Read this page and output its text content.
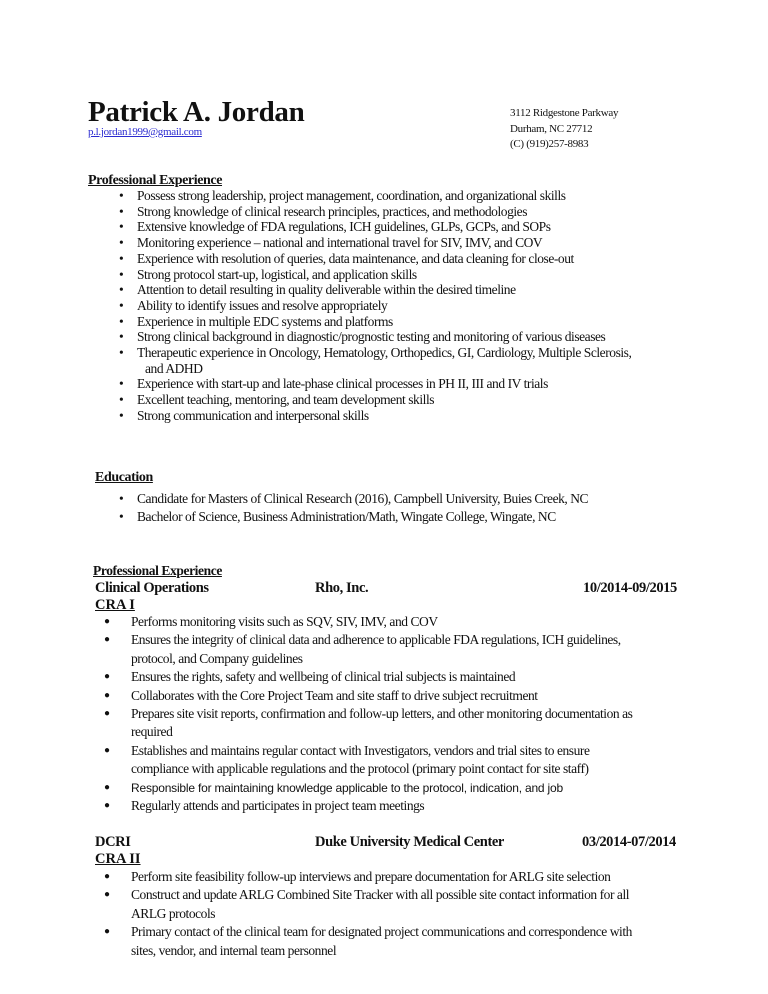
Patrick A. Jordan
p.l.jordan1999@gmail.com
3112 Ridgestone Parkway
Durham, NC 27712
(C) (919)257-8983
Professional Experience
• Possess strong leadership, project management, coordination, and organizational skills
• Strong knowledge of clinical research principles, practices, and methodologies
• Extensive knowledge of FDA regulations, ICH guidelines, GLPs, GCPs, and SOPs
• Monitoring experience – national and international travel for SIV, IMV, and COV
• Experience with resolution of queries, data maintenance, and data cleaning for close-out
• Strong protocol start-up, logistical, and application skills
• Attention to detail resulting in quality deliverable within the desired timeline
• Ability to identify issues and resolve appropriately
• Experience in multiple EDC systems and platforms
• Strong clinical background in diagnostic/prognostic testing and monitoring of various diseases
• Therapeutic experience in Oncology, Hematology, Orthopedics, GI, Cardiology, Multiple Sclerosis,
and ADHD
• Experience with start-up and late-phase clinical processes in PH II, III and IV trials
• Excellent teaching, mentoring, and team development skills
• Strong communication and interpersonal skills
Education
• Candidate for Masters of Clinical Research (2016), Campbell University, Buies Creek, NC
• Bachelor of Science, Business Administration/Math, Wingate College, Wingate, NC
Professional Experience
Clinical Operations	Rho, Inc.	10/2014-09/2015
CRA I
● Performs monitoring visits such as SQV, SIV, IMV, and COV
● Ensures the integrity of clinical data and adherence to applicable FDA regulations, ICH guidelines,
protocol, and Company guidelines
● Ensures the rights, safety and wellbeing of clinical trial subjects is maintained
● Collaborates with the Core Project Team and site staff to drive subject recruitment
● Prepares site visit reports, confirmation and follow-up letters, and other monitoring documentation as
required
● Establishes and maintains regular contact with Investigators, vendors and trial sites to ensure
compliance with applicable regulations and the protocol (primary point contact for site staff)
● Responsible for maintaining knowledge applicable to the protocol, indication, and job
● Regularly attends and participates in project team meetings
DCRI	Duke University Medical Center	03/2014-07/2014
CRA II
● Perform site feasibility follow-up interviews and prepare documentation for ARLG site selection
● Construct and update ARLG Combined Site Tracker with all possible site contact information for all
ARLG protocols
● Primary contact of the clinical team for designated project communications and correspondence with
sites, vendor, and internal team personnel
